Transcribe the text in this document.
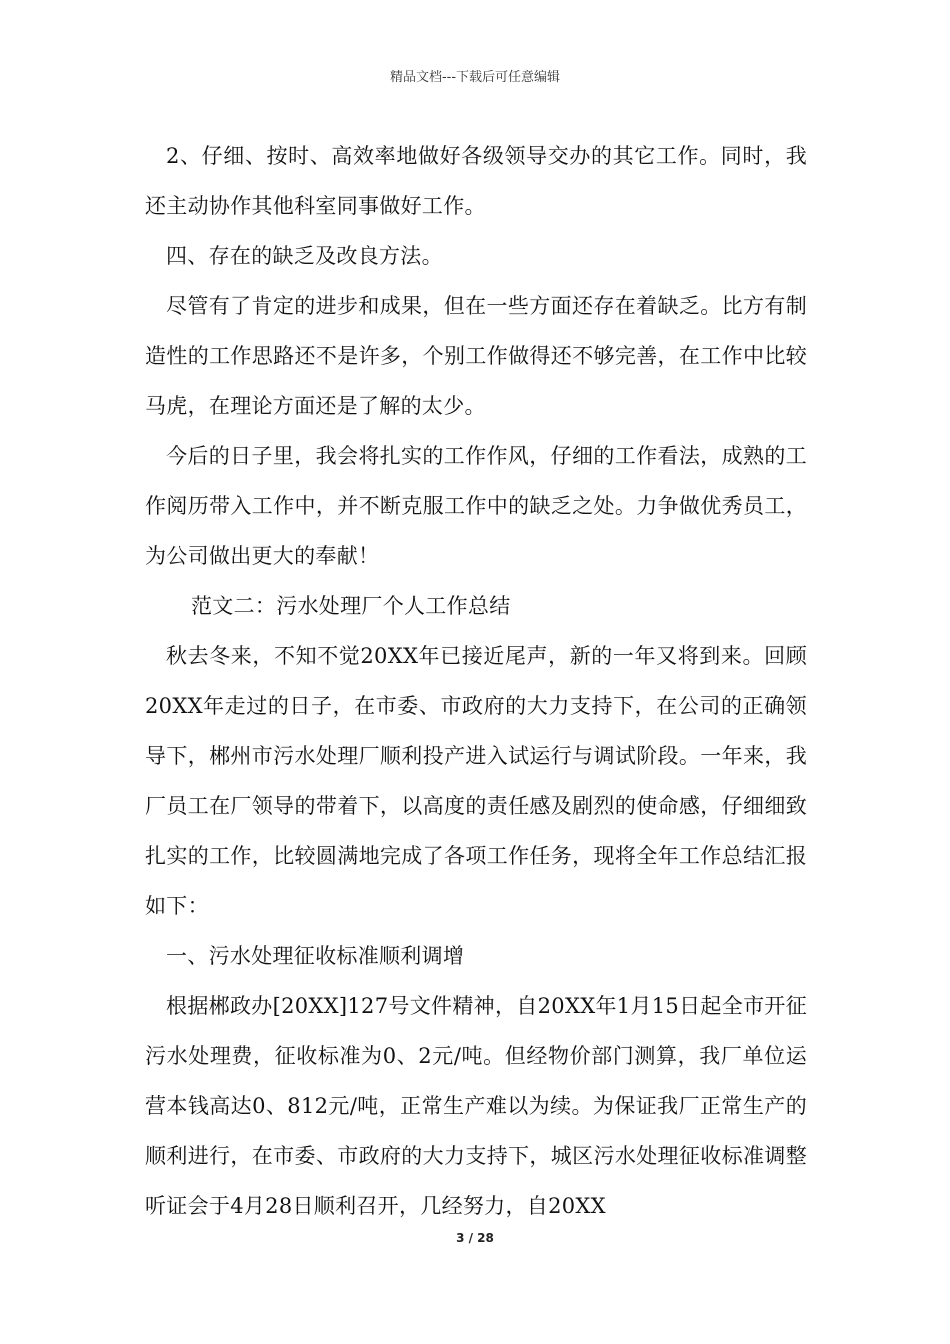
精品文档---下载后可任意编辑

2、仔细、按时、高效率地做好各级领导交办的其它工作。同时，我还主动协作其他科室同事做好工作。

四、存在的缺乏及改良方法。

尽管有了肯定的进步和成果，但在一些方面还存在着缺乏。比方有制造性的工作思路还不是许多，个别工作做得还不够完善，在工作中比较马虎，在理论方面还是了解的太少。

今后的日子里，我会将扎实的工作作风，仔细的工作看法，成熟的工作阅历带入工作中，并不断克服工作中的缺乏之处。力争做优秀员工，为公司做出更大的奉献！

范文二：污水处理厂个人工作总结

秋去冬来，不知不觉20XX年已接近尾声，新的一年又将到来。回顾20XX年走过的日子，在市委、市政府的大力支持下，在公司的正确领导下，郴州市污水处理厂顺利投产进入试运行与调试阶段。一年来，我厂员工在厂领导的带着下，以高度的责任感及剧烈的使命感，仔细细致扎实的工作，比较圆满地完成了各项工作任务，现将全年工作总结汇报如下：

一、污水处理征收标准顺利调增

根据郴政办[20XX]127号文件精神，自20XX年1月15日起全市开征污水处理费，征收标准为0、2元/吨。但经物价部门测算，我厂单位运营本钱高达0、812元/吨，正常生产难以为续。为保证我厂正常生产的顺利进行，在市委、市政府的大力支持下，城区污水处理征收标准调整听证会于4月28日顺利召开，几经努力，自20XX

3 / 28
